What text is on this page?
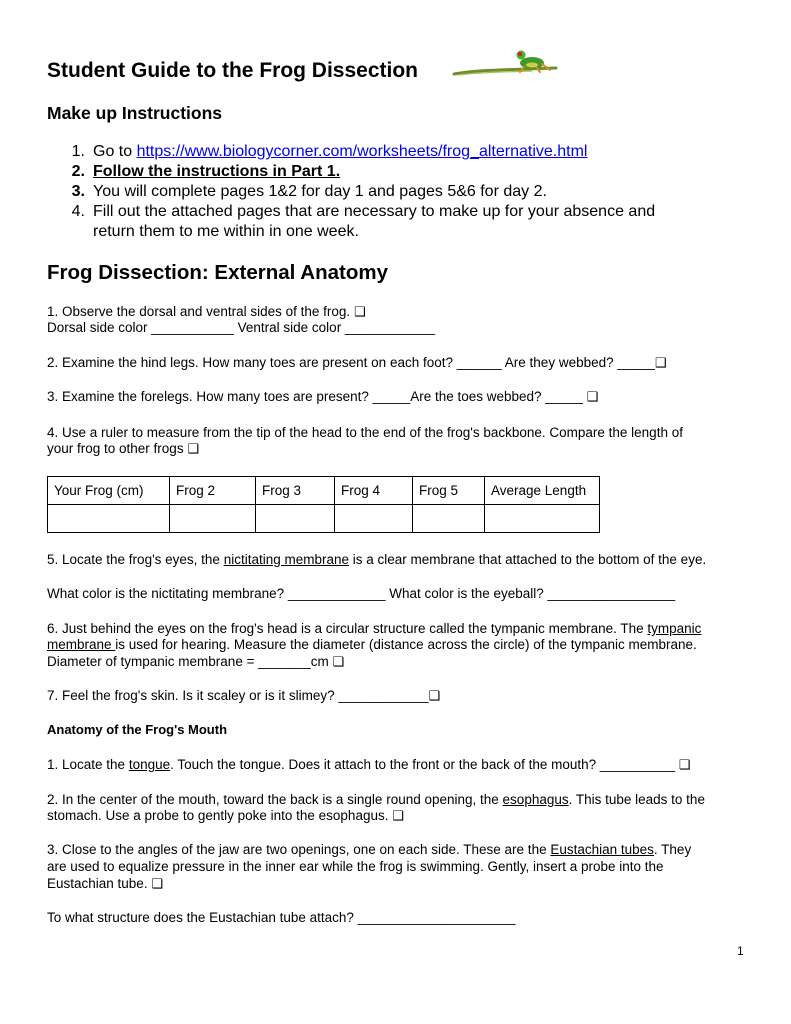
Student Guide to the Frog Dissection
Make up Instructions
1. Go to https://www.biologycorner.com/worksheets/frog_alternative.html
2. Follow the instructions in Part 1.
3. You will complete pages 1&2 for day 1 and pages 5&6 for day 2.
4. Fill out the attached pages that are necessary to make up for your absence and
return them to me within in one week.
Frog Dissection: External Anatomy
1. Observe the dorsal and ventral sides of the frog. ❑
Dorsal side color ___________ Ventral side color ____________
2. Examine the hind legs. How many toes are present on each foot? ______ Are they webbed? _____❑
3. Examine the forelegs. How many toes are present? _____Are the toes webbed? _____ ❑
4. Use a ruler to measure from the tip of the head to the end of the frog's backbone. Compare the length of
your frog to other frogs ❑
Your Frog (cm)	Frog 2	Frog 3	Frog 4	Frog 5	Average Length

5. Locate the frog's eyes, the nictitating membrane is a clear membrane that attached to the bottom of the eye.
What color is the nictitating membrane? _____________ What color is the eyeball? _________________
6. Just behind the eyes on the frog's head is a circular structure called the tympanic membrane. The tympanic
membrane is used for hearing. Measure the diameter (distance across the circle) of the tympanic membrane.
Diameter of tympanic membrane = _______cm ❑
7. Feel the frog's skin. Is it scaley or is it slimey? ____________❑
Anatomy of the Frog's Mouth
1. Locate the tongue. Touch the tongue. Does it attach to the front or the back of the mouth? __________ ❑
2. In the center of the mouth, toward the back is a single round opening, the esophagus. This tube leads to the
stomach. Use a probe to gently poke into the esophagus. ❑
3. Close to the angles of the jaw are two openings, one on each side. These are the Eustachian tubes. They
are used to equalize pressure in the inner ear while the frog is swimming. Gently, insert a probe into the
Eustachian tube. ❑
To what structure does the Eustachian tube attach? _____________________
1
